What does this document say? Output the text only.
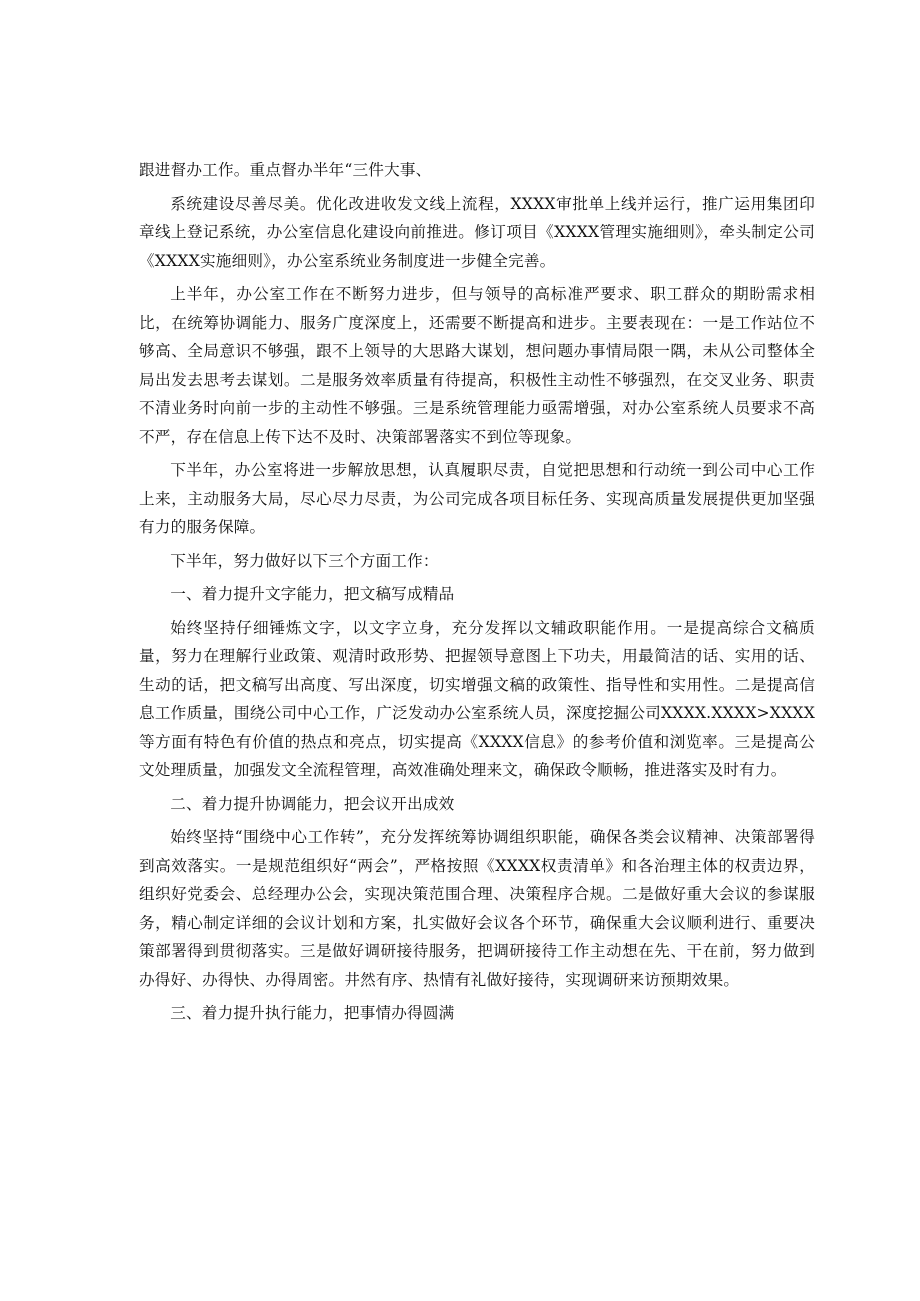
跟进督办工作。重点督办半年“三件大事、

系统建设尽善尽美。优化改进收发文线上流程，XXXX审批单上线并运行，推广运用集团印章线上登记系统，办公室信息化建设向前推进。修订项目《XXXX管理实施细则》，牵头制定公司《XXXX实施细则》，办公室系统业务制度进一步健全完善。

上半年，办公室工作在不断努力进步，但与领导的高标准严要求、职工群众的期盼需求相比，在统筹协调能力、服务广度深度上，还需要不断提高和进步。主要表现在：一是工作站位不够高、全局意识不够强，跟不上领导的大思路大谋划，想问题办事情局限一隅，未从公司整体全局出发去思考去谋划。二是服务效率质量有待提高，积极性主动性不够强烈，在交叉业务、职责不清业务时向前一步的主动性不够强。三是系统管理能力亟需增强，对办公室系统人员要求不高不严，存在信息上传下达不及时、决策部署落实不到位等现象。

下半年，办公室将进一步解放思想，认真履职尽责，自觉把思想和行动统一到公司中心工作上来，主动服务大局，尽心尽力尽责，为公司完成各项目标任务、实现高质量发展提供更加坚强有力的服务保障。

下半年，努力做好以下三个方面工作：

一、着力提升文字能力，把文稿写成精品

始终坚持仔细锤炼文字，以文字立身，充分发挥以文辅政职能作用。一是提高综合文稿质量，努力在理解行业政策、观清时政形势、把握领导意图上下功夫，用最简洁的话、实用的话、生动的话，把文稿写出高度、写出深度，切实增强文稿的政策性、指导性和实用性。二是提高信息工作质量，围绕公司中心工作，广泛发动办公室系统人员，深度挖掘公司XXXX.XXXX>XXXX等方面有特色有价值的热点和亮点，切实提高《XXXX信息》的参考价值和浏览率。三是提高公文处理质量，加强发文全流程管理，高效准确处理来文，确保政令顺畅，推进落实及时有力。

二、着力提升协调能力，把会议开出成效

始终坚持“围绕中心工作转”，充分发挥统筹协调组织职能，确保各类会议精神、决策部署得到高效落实。一是规范组织好“两会”，严格按照《XXXX权责清单》和各治理主体的权责边界，组织好党委会、总经理办公会，实现决策范围合理、决策程序合规。二是做好重大会议的参谋服务，精心制定详细的会议计划和方案，扎实做好会议各个环节，确保重大会议顺利进行、重要决策部署得到贯彻落实。三是做好调研接待服务，把调研接待工作主动想在先、干在前，努力做到办得好、办得快、办得周密。井然有序、热情有礼做好接待，实现调研来访预期效果。

三、着力提升执行能力，把事情办得圆满
